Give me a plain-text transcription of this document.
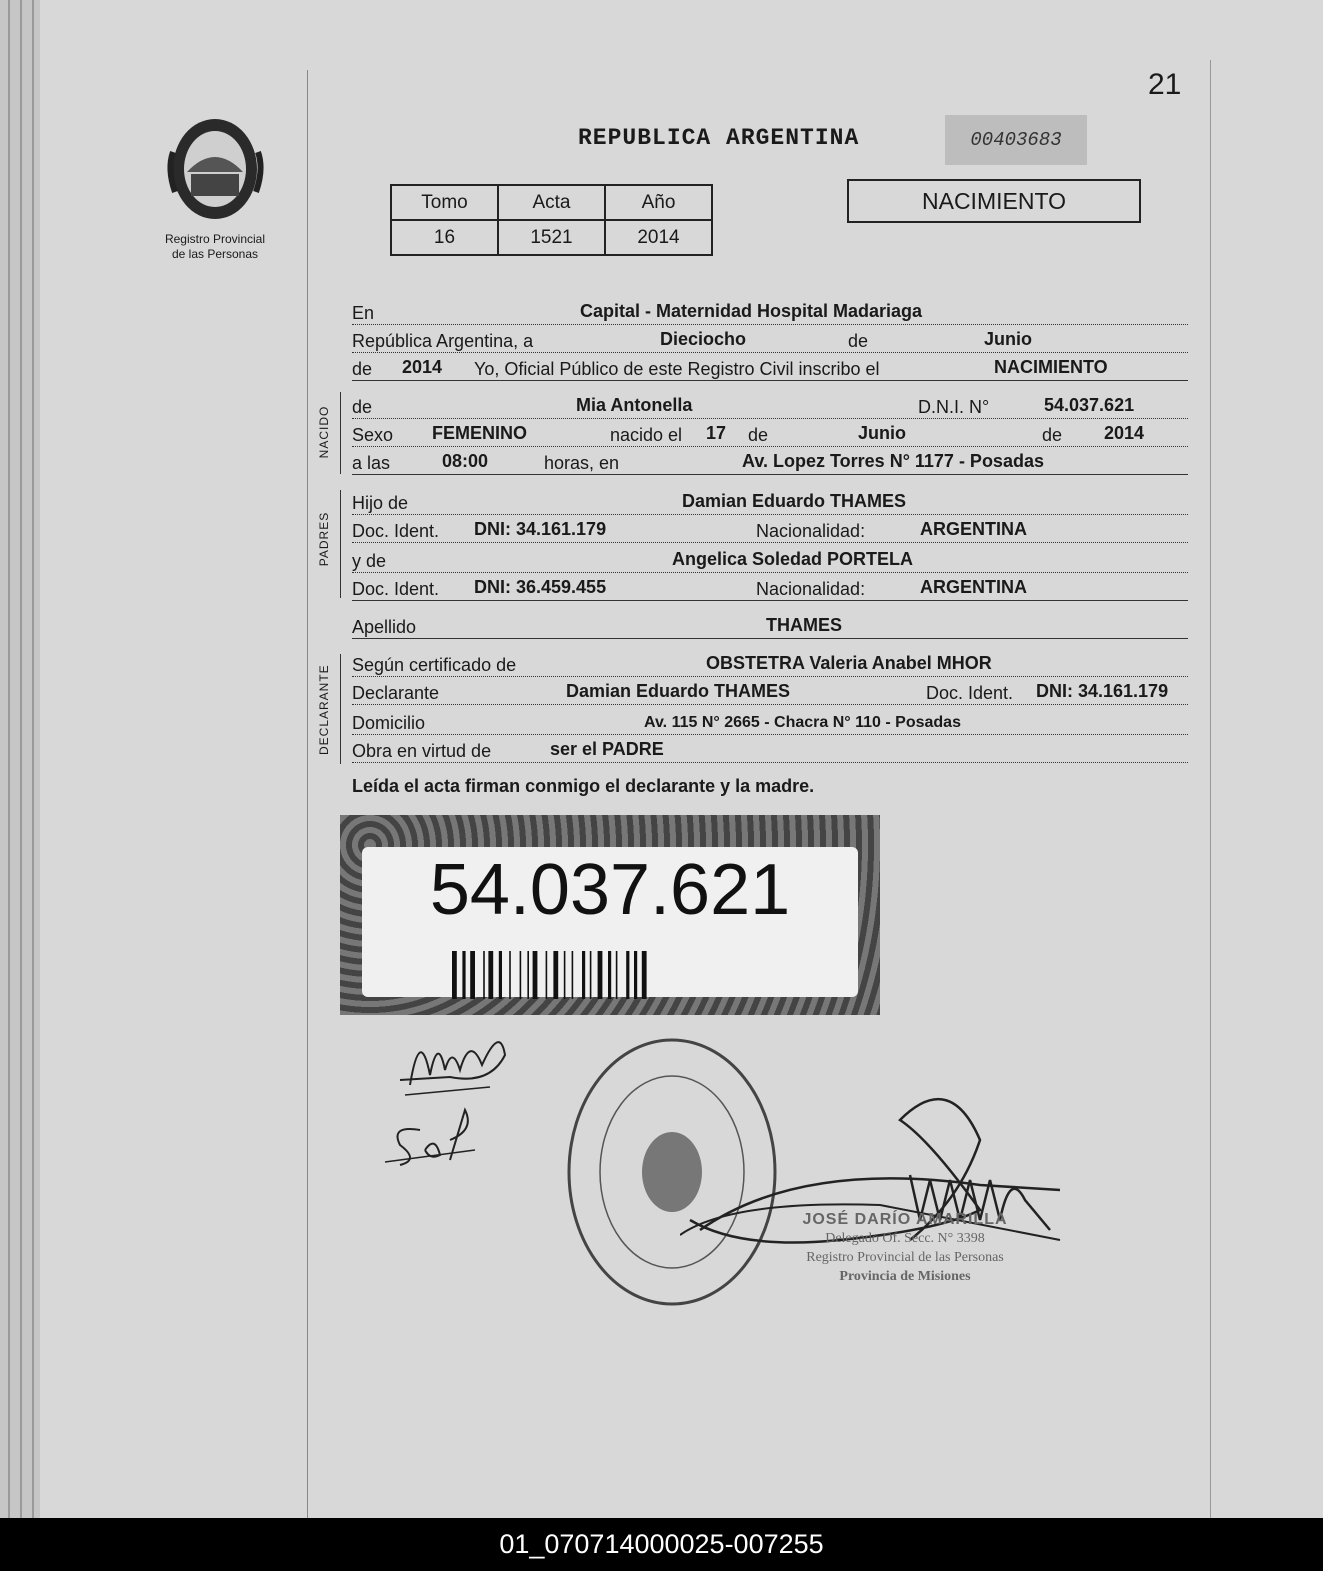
21
Registro Provincial
de las Personas
REPUBLICA ARGENTINA	00403683
Tomo	Acta	Año
16	1521	2014
NACIMIENTO
En	Capital - Maternidad Hospital Madariaga
República Argentina, a	Dieciocho	de	Junio
de 2014 Yo, Oficial Público de este Registro Civil inscribo el	NACIMIENTO
NACIDO de	Mia Antonella	D.N.I. N°	54.037.621
Sexo FEMENINO	nacido el 17 de	Junio	de 2014
a las	08:00	horas, en	Av. Lopez Torres N° 1177 - Posadas
PADRES
Hijo de	Damian Eduardo THAMES
Doc. Ident. DNI: 34.161.179	Nacionalidad:	ARGENTINA
y de	Angelica Soledad PORTELA
Doc. Ident. DNI: 36.459.455	Nacionalidad:	ARGENTINA
Apellido	THAMES
DECLARANTE Según certificado de	OBSTETRA Valeria Anabel MHOR
Declarante	Damian Eduardo THAMES	Doc. Ident. DNI: 34.161.179
Domicilio	Av. 115 N° 2665 - Chacra N° 110 - Posadas
Obra en virtud de	ser el PADRE
Leída el acta firman conmigo el declarante y la madre.
54.037.621
JOSÉ DARÍO AMARILLA
Delegado Of. Secc. N° 3398
Registro Provincial de las Personas
Provincia de Misiones
01_070714000025-007255
